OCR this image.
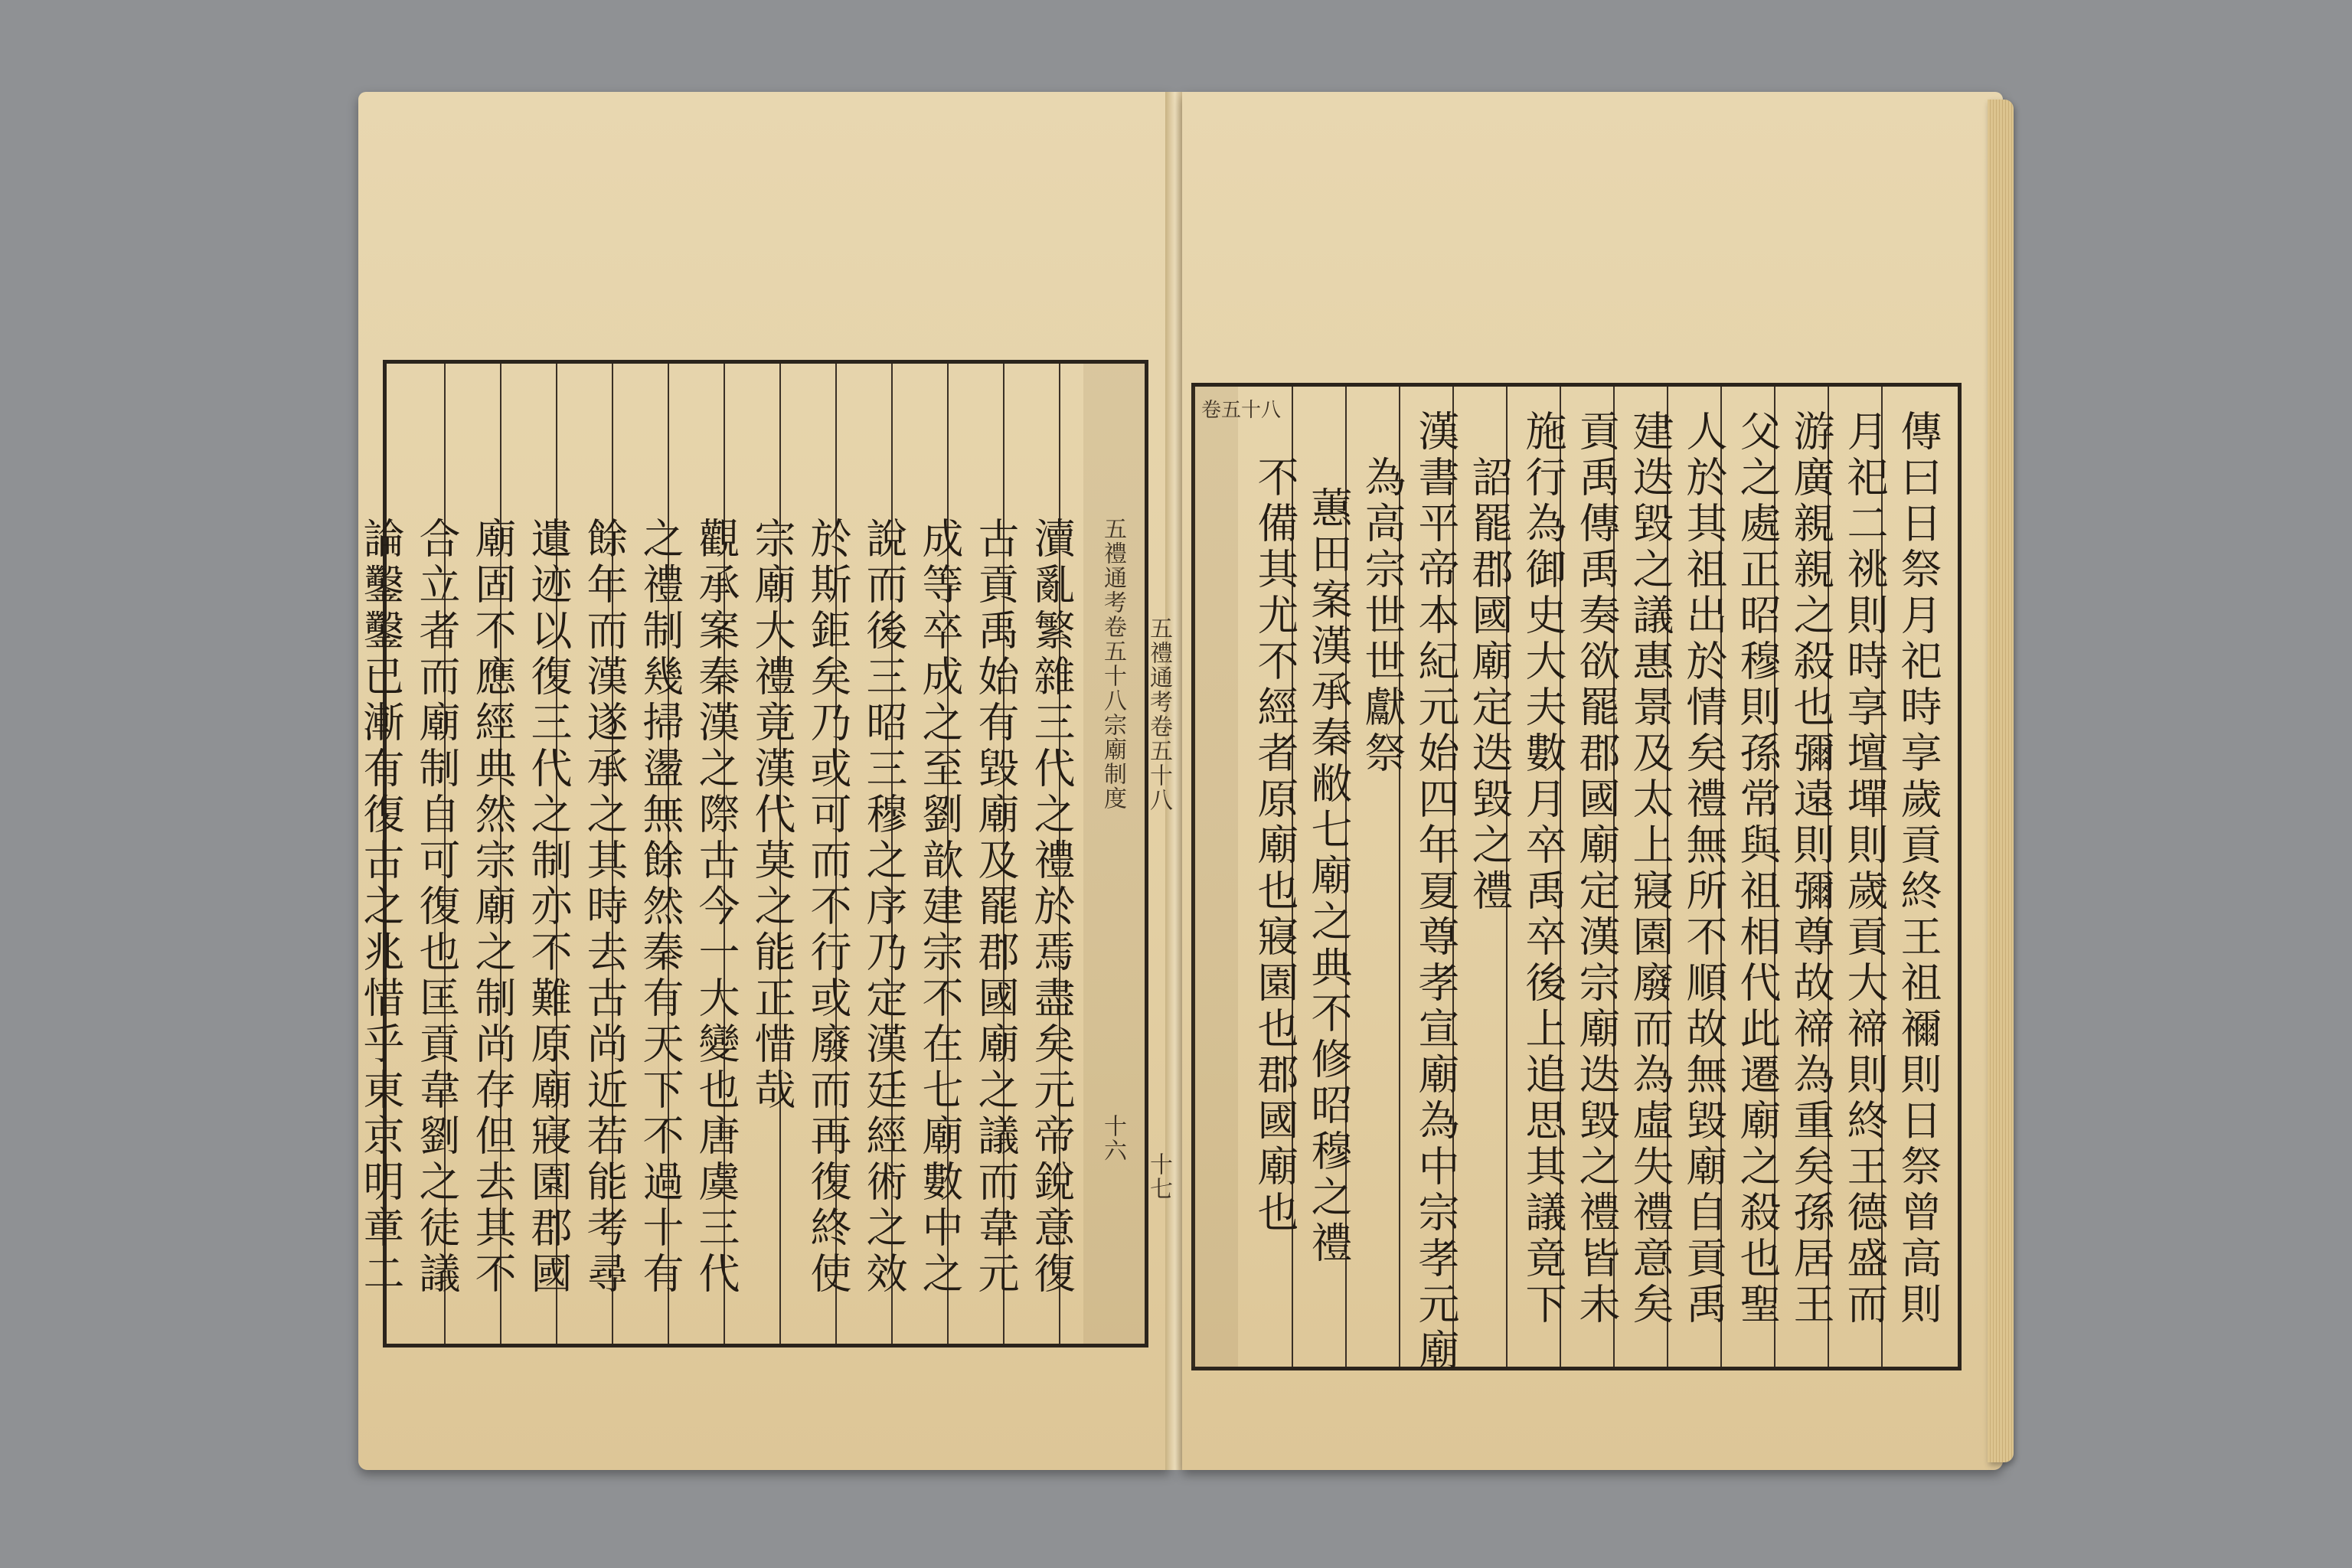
五禮通考卷五十八宗廟制度
十六
瀆亂繁雜三代之禮於焉盡矣元帝銳意復
古貢禹始有毀廟及罷郡國廟之議而韋元
成等卒成之至劉歆建宗不在七廟數中之
說而後三昭三穆之序乃定漢廷經術之效
於斯鉅矣乃或可而不行或廢而再復終使
宗廟大禮竟漢代莫之能正惜哉
觀承案秦漢之際古今一大變也唐虞三代
之禮制幾掃盪無餘然秦有天下不過十有
餘年而漢遂承之其時去古尚近若能考尋
遺迹以復三代之制亦不難原廟寢園郡國
廟固不應經典然宗廟之制尚存但去其不
合立者而廟制自可復也匡貢韋劉之徒議
論鑿鑿已漸有復古之兆惜乎東京明章二
卷五十八
五禮通考卷五十八
十七	傳曰日祭月祀時享歲貢終王祖禰則日祭曾高則
月祀二祧則時享壇墠則歲貢大禘則終王德盛而
游廣親親之殺也彌遠則彌尊故禘為重矣孫居王
父之處正昭穆則孫常與祖相代此遷廟之殺也聖
人於其祖出於情矣禮無所不順故無毀廟自貢禹
建迭毀之議惠景及太上寢園廢而為虛失禮意矣
貢禹傳禹奏欲罷郡國廟定漢宗廟迭毀之禮皆未
施行為御史大夫數月卒禹卒後上追思其議竟下
詔罷郡國廟定迭毀之禮
漢書平帝本紀元始四年夏尊孝宣廟為中宗孝元廟
為高宗世世獻祭
蕙田案漢承秦敝七廟之典不修昭穆之禮
不備其尤不經者原廟也寢園也郡國廟也
